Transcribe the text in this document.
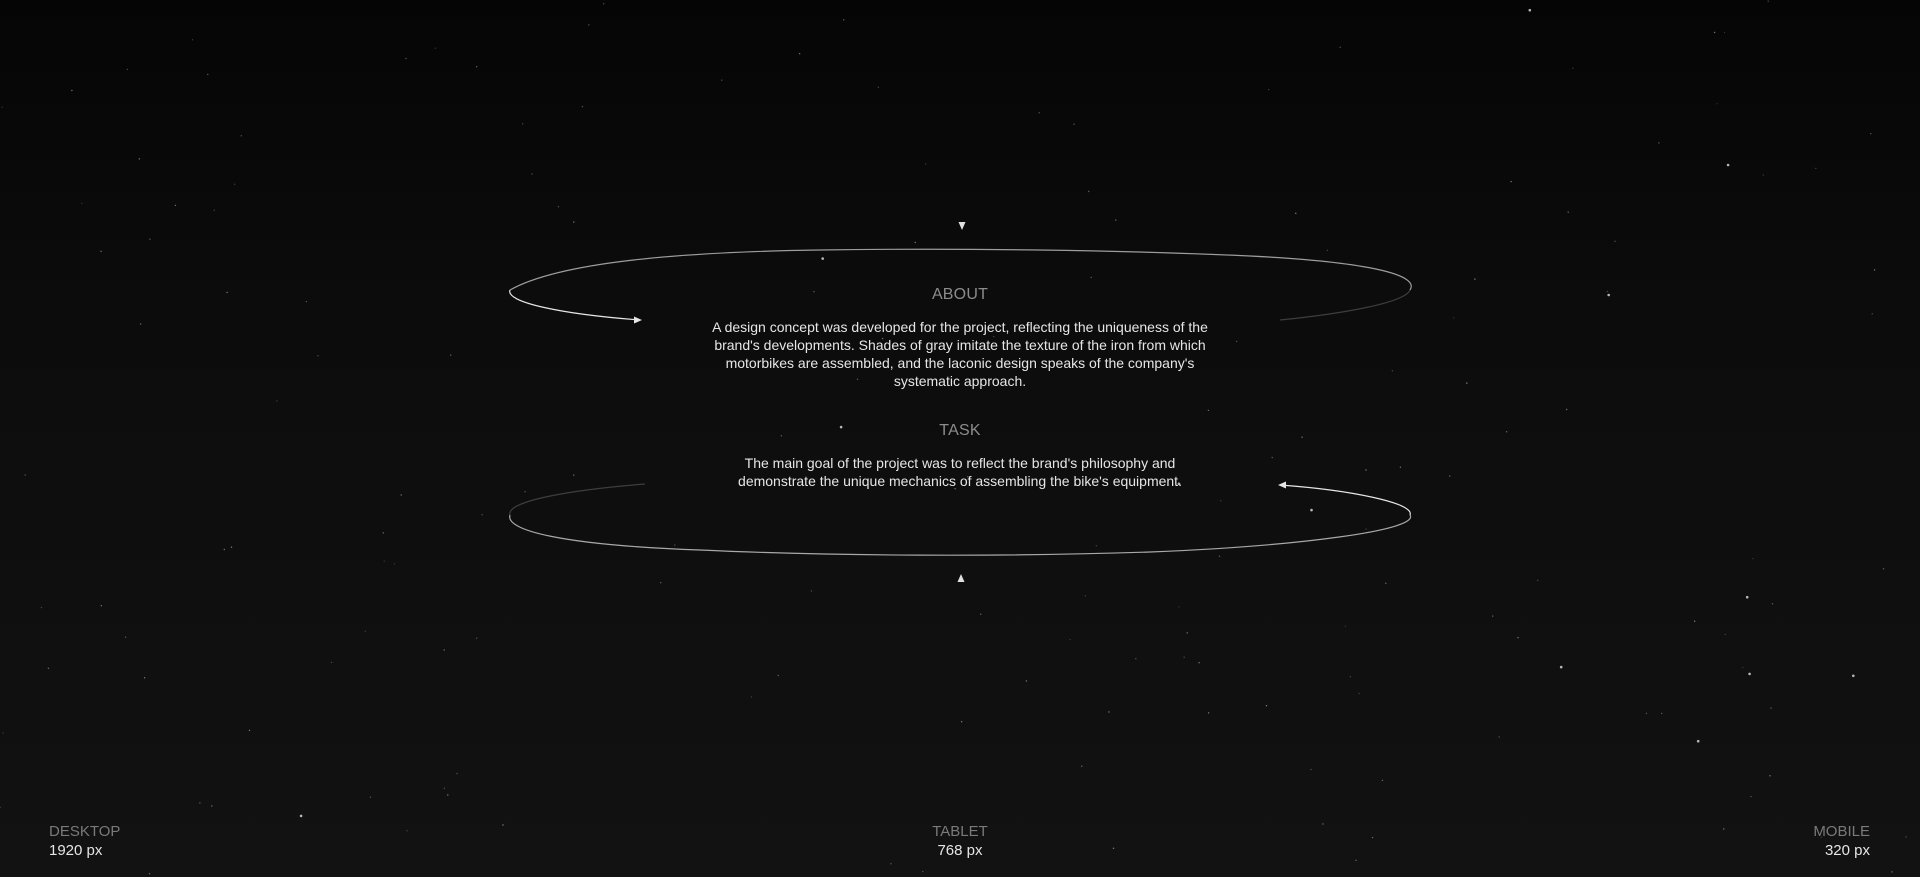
ABOUT

A design concept was developed for the project, reflecting the uniqueness of the brand's developments. Shades of gray imitate the texture of the iron from which motorbikes are assembled, and the laconic design speaks of the company's systematic approach.

TASK

The main goal of the project was to reflect the brand's philosophy and demonstrate the unique mechanics of assembling the bike's equipment.

DESKTOP
1920 px
TABLET
768 px
MOBILE
320 px
